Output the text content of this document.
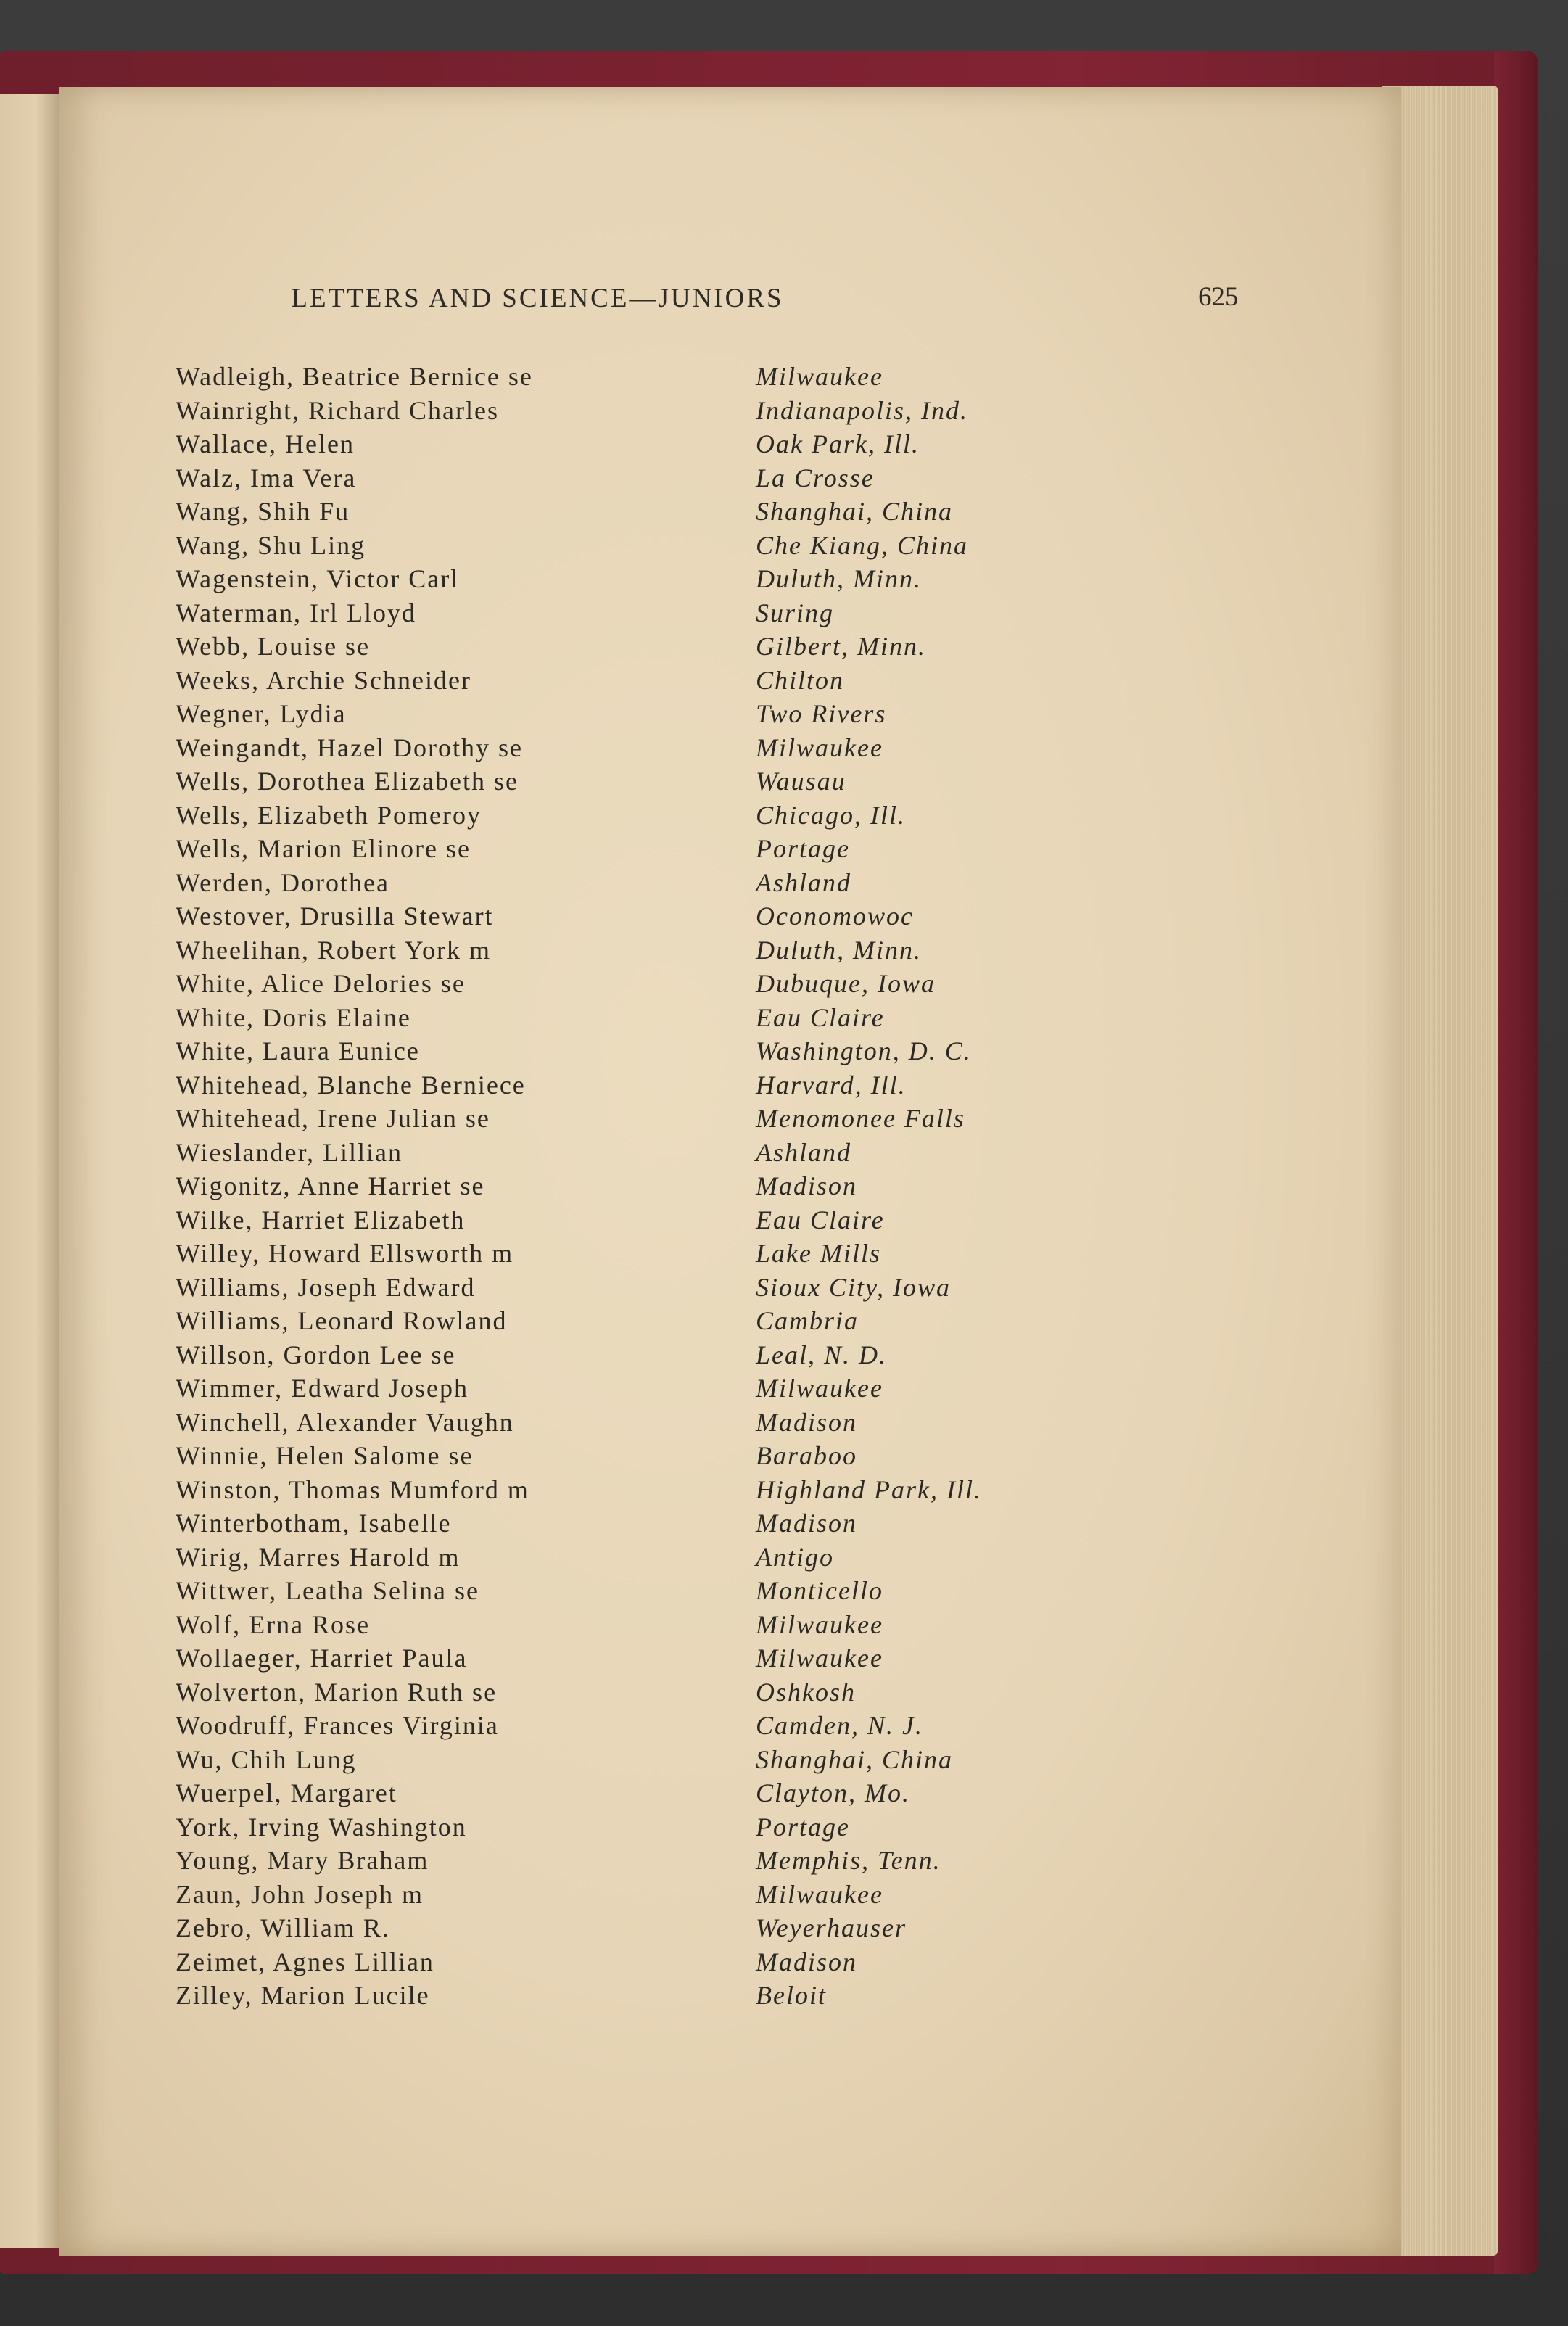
LETTERS AND SCIENCE—JUNIORS	625
Wadleigh, Beatrice Bernice se	Milwaukee
Wainright, Richard Charles	Indianapolis, Ind.
Wallace, Helen	Oak Park, Ill.
Walz, Ima Vera	La Crosse
Wang, Shih Fu	Shanghai, China
Wang, Shu Ling	Che Kiang, China
Wagenstein, Victor Carl	Duluth, Minn.
Waterman, Irl Lloyd	Suring
Webb, Louise se	Gilbert, Minn.
Weeks, Archie Schneider	Chilton
Wegner, Lydia	Two Rivers
Weingandt, Hazel Dorothy se	Milwaukee
Wells, Dorothea Elizabeth se	Wausau
Wells, Elizabeth Pomeroy	Chicago, Ill.
Wells, Marion Elinore se	Portage
Werden, Dorothea	Ashland
Westover, Drusilla Stewart	Oconomowoc
Wheelihan, Robert York m	Duluth, Minn.
White, Alice Delories se	Dubuque, Iowa
White, Doris Elaine	Eau Claire
White, Laura Eunice	Washington, D. C.
Whitehead, Blanche Berniece	Harvard, Ill.
Whitehead, Irene Julian se	Menomonee Falls
Wieslander, Lillian	Ashland
Wigonitz, Anne Harriet se	Madison
Wilke, Harriet Elizabeth	Eau Claire
Willey, Howard Ellsworth m	Lake Mills
Williams, Joseph Edward	Sioux City, Iowa
Williams, Leonard Rowland	Cambria
Willson, Gordon Lee se	Leal, N. D.
Wimmer, Edward Joseph	Milwaukee
Winchell, Alexander Vaughn	Madison
Winnie, Helen Salome se	Baraboo
Winston, Thomas Mumford m	Highland Park, Ill.
Winterbotham, Isabelle	Madison
Wirig, Marres Harold m	Antigo
Wittwer, Leatha Selina se	Monticello
Wolf, Erna Rose	Milwaukee
Wollaeger, Harriet Paula	Milwaukee
Wolverton, Marion Ruth se	Oshkosh
Woodruff, Frances Virginia	Camden, N. J.
Wu, Chih Lung	Shanghai, China
Wuerpel, Margaret	Clayton, Mo.
York, Irving Washington	Portage
Young, Mary Braham	Memphis, Tenn.
Zaun, John Joseph m	Milwaukee
Zebro, William R.	Weyerhauser
Zeimet, Agnes Lillian	Madison
Zilley, Marion Lucile	Beloit
